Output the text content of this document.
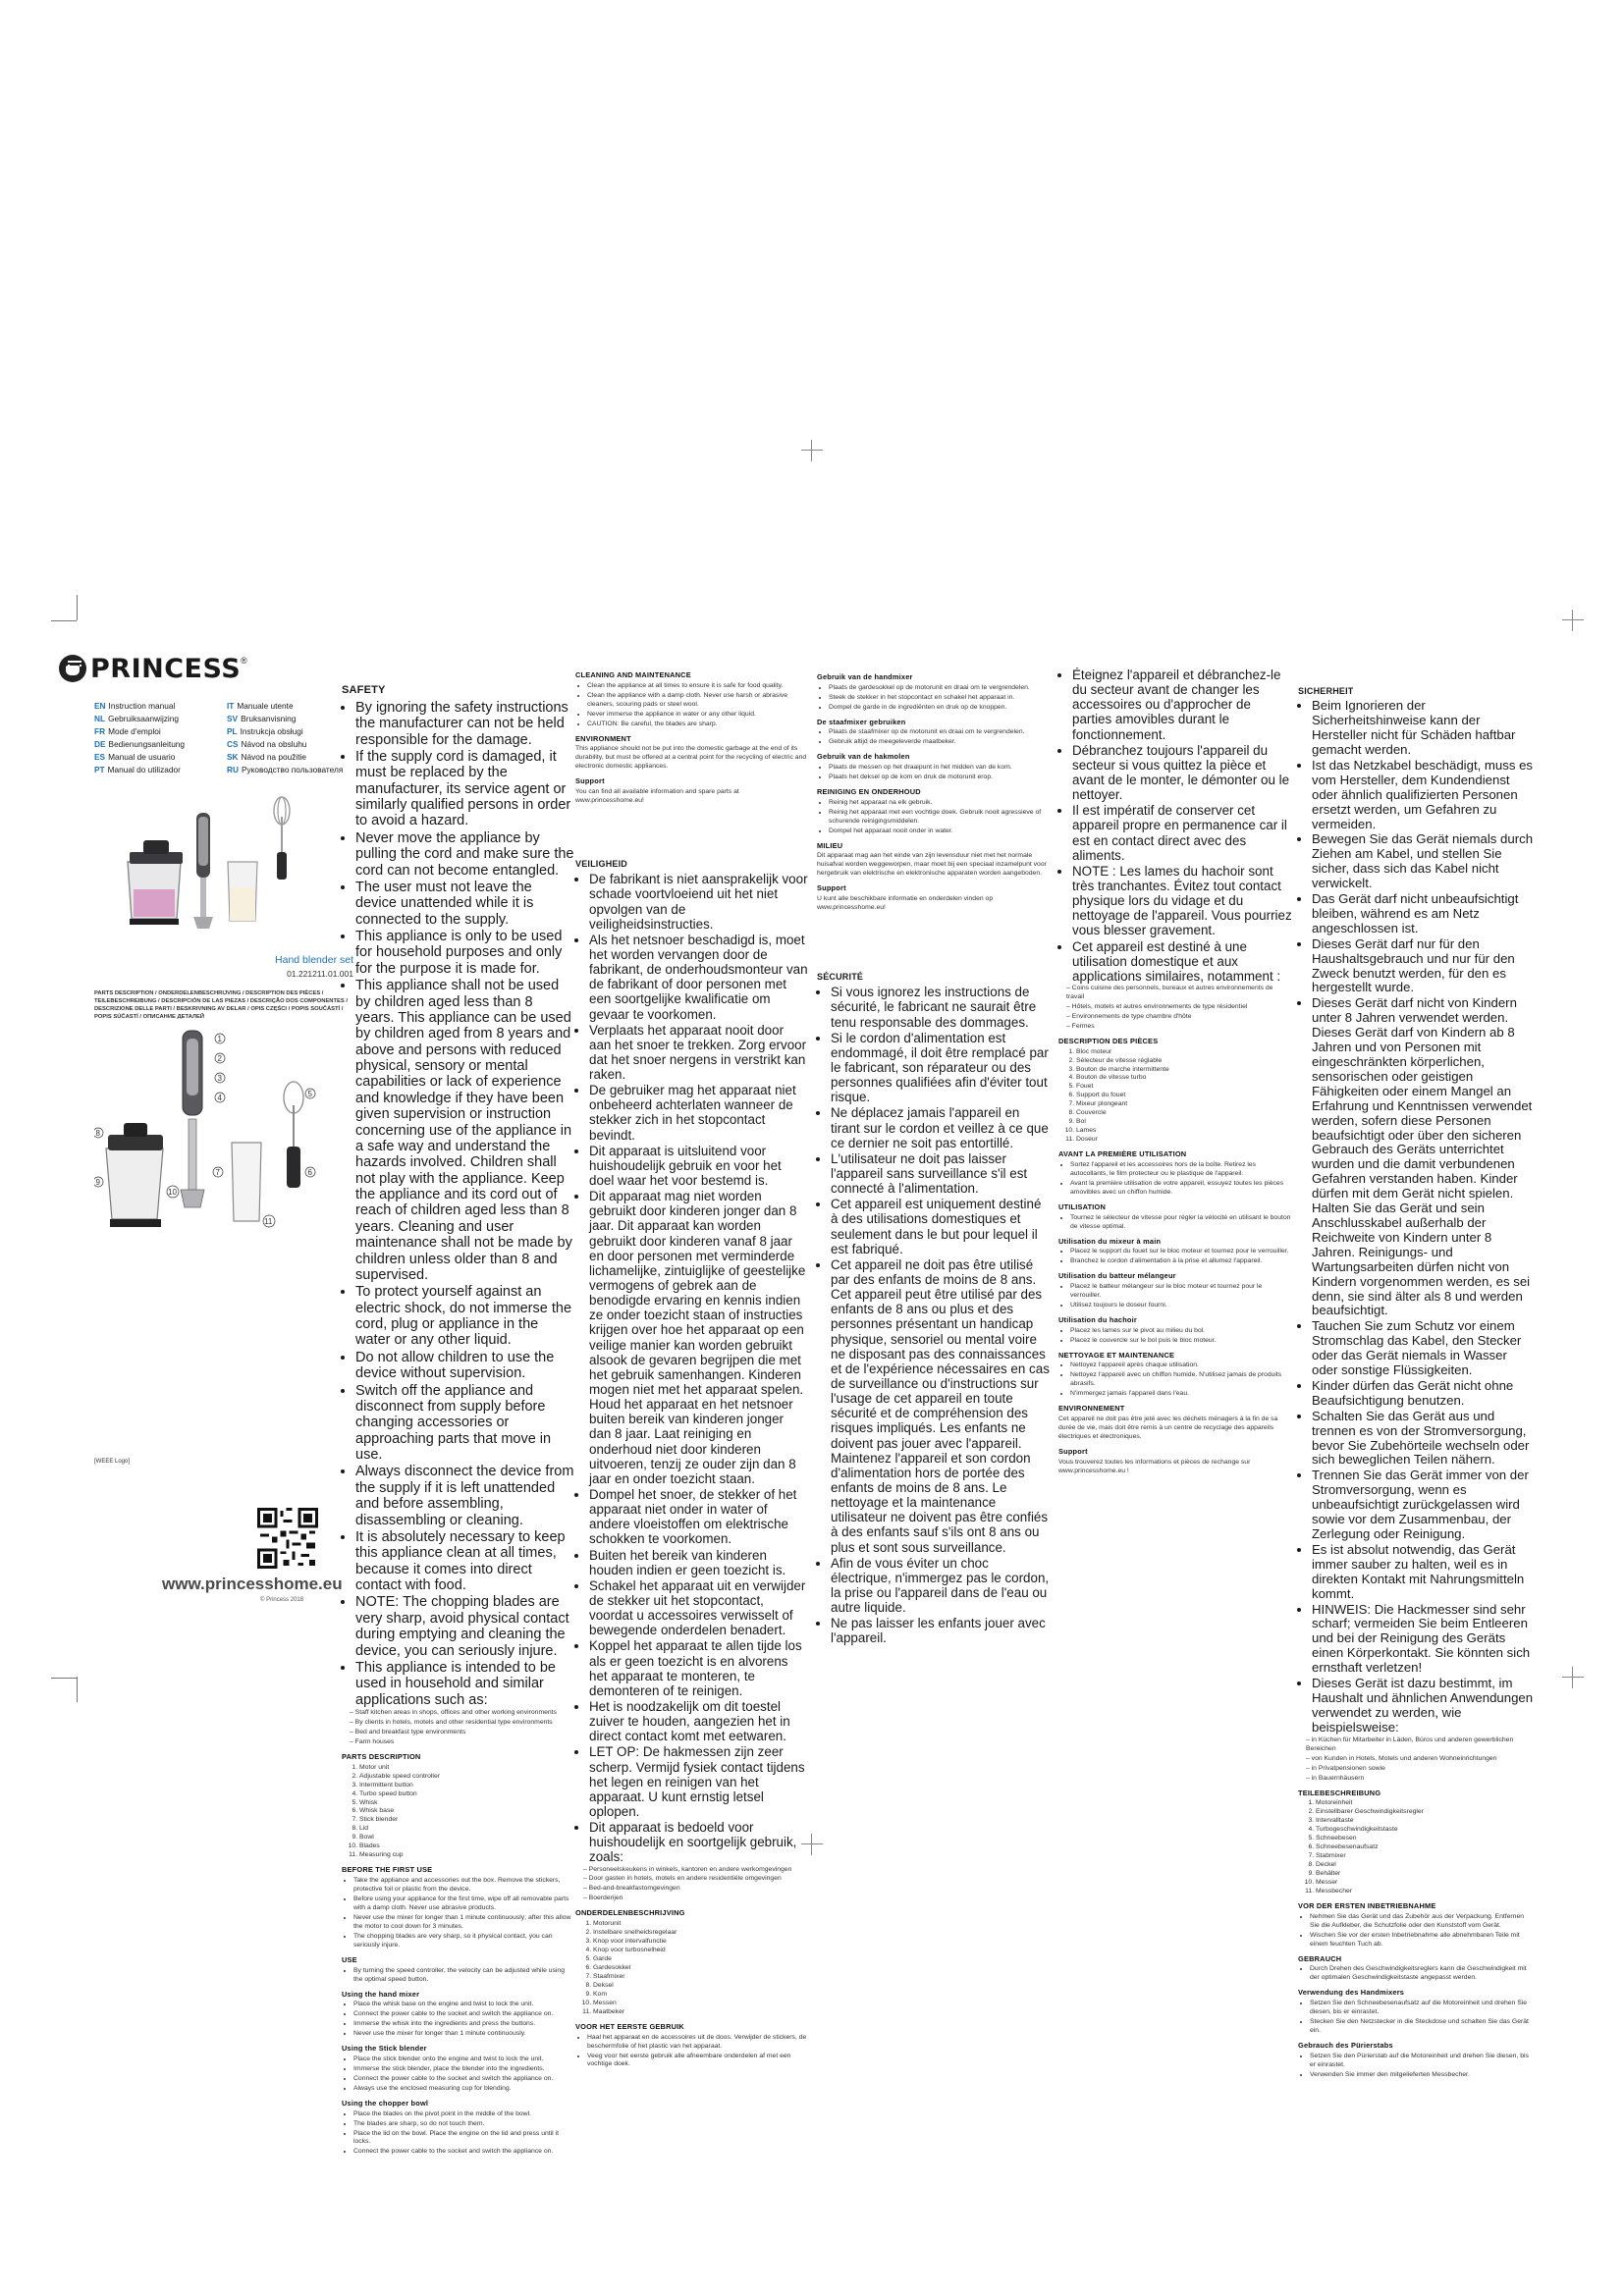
PRINCESS ®
EN Instruction manual	IT Manuale utente
NL Gebruiksaanwijzing	SV Bruksanvisning
FR Mode d'emploi	PL Instrukcja obsługi
DE Bedienungsanleitung	CS Návod na obsluhu
ES Manual de usuario	SK Návod na použitie
PT Manual do utilizador	RU Руководство пользователя
Hand blender set
01.221211.01.001
PARTS DESCRIPTION / ONDERDELENBESCHRIJVING / DESCRIPTION DES PIÈCES / TEILEBESCHREIBUNG / DESCRIPCIÓN DE LAS PIEZAS / DESCRIÇÃO DOS COMPONENTES / DESCRIZIONE DELLE PARTI / BESKRIVNING AV DELAR / OPIS CZĘŚCI / POPIS SOUČÁSTÍ / POPIS SÚČASTÍ / ОПИСАНИЕ ДЕТАЛЕЙ
1
2
3
4	5
6
7
8
9
10
11
[WEEE Logo]
www.princesshome.eu
© Princess 2018
SAFETY
• By ignoring the safety instructions the manufacturer can not be held responsible for the damage.
• If the supply cord is damaged, it must be replaced by the manufacturer, its service agent or similarly qualified persons in order to avoid a hazard.
• Never move the appliance by pulling the cord and make sure the cord can not become entangled.
• The user must not leave the device unattended while it is connected to the supply.
• This appliance is only to be used for household purposes and only for the purpose it is made for.
• This appliance shall not be used by children aged less than 8 years. This appliance can be used by children aged from 8 years and above and persons with reduced physical, sensory or mental capabilities or lack of experience and knowledge if they have been given supervision or instruction concerning use of the appliance in a safe way and understand the hazards involved. Children shall not play with the appliance. Keep the appliance and its cord out of reach of children aged less than 8 years. Cleaning and user maintenance shall not be made by children unless older than 8 and supervised.
• To protect yourself against an electric shock, do not immerse the cord, plug or appliance in the water or any other liquid.
• Do not allow children to use the device without supervision.
• Switch off the appliance and disconnect from supply before changing accessories or approaching parts that move in use.
• Always disconnect the device from the supply if it is left unattended and before assembling, disassembling or cleaning.
• It is absolutely necessary to keep this appliance clean at all times, because it comes into direct contact with food.
• NOTE: The chopping blades are very sharp, avoid physical contact during emptying and cleaning the device, you can seriously injure.
• This appliance is intended to be used in household and similar applications such as:
– Staff kitchen areas in shops, offices and other working environments
– By clients in hotels, motels and other residential type environments
– Bed and breakfast type environments
– Farm houses
PARTS DESCRIPTION
1. Motor unit
2. Adjustable speed controller
3. Intermittent button
4. Turbo speed button
5. Whisk
6. Whisk base
7. Stick blender
8. Lid
9. Bowl
10. Blades
11. Measuring cup
BEFORE THE FIRST USE
• Take the appliance and accessories out the box. Remove the stickers, protective foil or plastic from the device.
• Before using your appliance for the first time, wipe off all removable parts with a damp cloth. Never use abrasive products.
• Never use the mixer for longer than 1 minute continuously; after this allow the motor to cool down for 3 minutes.
• The chopping blades are very sharp, so it physical contact, you can seriously injure.
USE
• By turning the speed controller, the velocity can be adjusted while using the optimal speed button.
Using the hand mixer
• Place the whisk base on the engine and twist to lock the unit.
• Connect the power cable to the socket and switch the appliance on.
• Immerse the whisk into the ingredients and press the buttons.
• Never use the mixer for longer than 1 minute continuously.
Using the Stick blender
• Place the stick blender onto the engine and twist to lock the unit.
• Immerse the stick blender, place the blender into the ingredients.
• Connect the power cable to the socket and switch the appliance on.
• Always use the enclosed measuring cup for blending.
Using the chopper bowl
• Place the blades on the pivot point in the middle of the bowl.
• The blades are sharp, so do not touch them.
• Place the lid on the bowl. Place the engine on the lid and press until it locks.
• Connect the power cable to the socket and switch the appliance on.
CLEANING AND MAINTENANCE
• Clean the appliance at all times to ensure it is safe for food quality.
• Clean the appliance with a damp cloth. Never use harsh or abrasive cleaners, scouring pads or steel wool.
• Never immerse the appliance in water or any other liquid.
• CAUTION: Be careful, the blades are sharp.
ENVIRONMENT

This appliance should not be put into the domestic garbage at the end of its durability, but must be offered at a central point for the recycling of electric and electronic domestic appliances.

Support

You can find all available information and spare parts at www.princesshome.eu!

VEILIGHEID
• De fabrikant is niet aansprakelijk voor schade voortvloeiend uit het niet opvolgen van de veiligheidsinstructies.
• Als het netsnoer beschadigd is, moet het worden vervangen door de fabrikant, de onderhoudsmonteur van de fabrikant of door personen met een soortgelijke kwalificatie om gevaar te voorkomen.
• Verplaats het apparaat nooit door aan het snoer te trekken. Zorg ervoor dat het snoer nergens in verstrikt kan raken.
• De gebruiker mag het apparaat niet onbeheerd achterlaten wanneer de stekker zich in het stopcontact bevindt.
• Dit apparaat is uitsluitend voor huishoudelijk gebruik en voor het doel waar het voor bestemd is.
• Dit apparaat mag niet worden gebruikt door kinderen jonger dan 8 jaar. Dit apparaat kan worden gebruikt door kinderen vanaf 8 jaar en door personen met verminderde lichamelijke, zintuiglijke of geestelijke vermogens of gebrek aan de benodigde ervaring en kennis indien ze onder toezicht staan of instructies krijgen over hoe het apparaat op een veilige manier kan worden gebruikt alsook de gevaren begrijpen die met het gebruik samenhangen. Kinderen mogen niet met het apparaat spelen. Houd het apparaat en het netsnoer buiten bereik van kinderen jonger dan 8 jaar. Laat reiniging en onderhoud niet door kinderen uitvoeren, tenzij ze ouder zijn dan 8 jaar en onder toezicht staan.
• Dompel het snoer, de stekker of het apparaat niet onder in water of andere vloeistoffen om elektrische schokken te voorkomen.
• Buiten het bereik van kinderen houden indien er geen toezicht is.
• Schakel het apparaat uit en verwijder de stekker uit het stopcontact, voordat u accessoires verwisselt of bewegende onderdelen benadert.
• Koppel het apparaat te allen tijde los als er geen toezicht is en alvorens het apparaat te monteren, te demonteren of te reinigen.
• Het is noodzakelijk om dit toestel zuiver te houden, aangezien het in direct contact komt met eetwaren.
• LET OP: De hakmessen zijn zeer scherp. Vermijd fysiek contact tijdens het legen en reinigen van het apparaat. U kunt ernstig letsel oplopen.
• Dit apparaat is bedoeld voor huishoudelijk en soortgelijk gebruik, zoals:
– Personeelskeukens in winkels, kantoren en andere werkomgevingen
– Door gasten in hotels, motels en andere residentiële omgevingen
– Bed-and-breakfastomgevingen
– Boerderijen
ONDERDELENBESCHRIJVING
1. Motorunit
2. Instelbare snelheidsregelaar
3. Knop voor intervalfunctie
4. Knop voor turbosnelheid
5. Garde
6. Gardesokkel
7. Staafmixer
8. Deksel
9. Kom
10. Messen
11. Maatbeker
VOOR HET EERSTE GEBRUIK
• Haal het apparaat en de accessoires uit de doos. Verwijder de stickers, de beschermfolie of het plastic van het apparaat.
• Veeg voor het eerste gebruik alle afneembare onderdelen af met een vochtige doek.
Gebruik van de handmixer
• Plaats de gardesokkel op de motorunit en draai om te vergrendelen.
• Steek de stekker in het stopcontact en schakel het apparaat in.
• Dompel de garde in de ingrediënten en druk op de knoppen.
De staafmixer gebruiken
• Plaats de staafmixer op de motorunit en draai om te vergrendelen.
• Gebruik altijd de meegeleverde maatbeker.
Gebruik van de hakmolen
• Plaats de messen op het draaipunt in het midden van de kom.
• Plaats het deksel op de kom en druk de motorunit erop.
REINIGING EN ONDERHOUD
• Reinig het apparaat na elk gebruik.
• Reinig het apparaat met een vochtige doek. Gebruik nooit agressieve of schurende reinigingsmiddelen.
• Dompel het apparaat nooit onder in water.
MILIEU

Dit apparaat mag aan het einde van zijn levensduur niet met het normale huisafval worden weggeworpen, maar moet bij een speciaal inzamelpunt voor hergebruik van elektrische en elektronische apparaten worden aangeboden.

Support

U kunt alle beschikbare informatie en onderdelen vinden op www.princesshome.eu!

SÉCURITÉ
• Si vous ignorez les instructions de sécurité, le fabricant ne saurait être tenu responsable des dommages.
• Si le cordon d'alimentation est endommagé, il doit être remplacé par le fabricant, son réparateur ou des personnes qualifiées afin d'éviter tout risque.
• Ne déplacez jamais l'appareil en tirant sur le cordon et veillez à ce que ce dernier ne soit pas entortillé.
• L'utilisateur ne doit pas laisser l'appareil sans surveillance s'il est connecté à l'alimentation.
• Cet appareil est uniquement destiné à des utilisations domestiques et seulement dans le but pour lequel il est fabriqué.
• Cet appareil ne doit pas être utilisé par des enfants de moins de 8 ans. Cet appareil peut être utilisé par des enfants de 8 ans ou plus et des personnes présentant un handicap physique, sensoriel ou mental voire ne disposant pas des connaissances et de l'expérience nécessaires en cas de surveillance ou d'instructions sur l'usage de cet appareil en toute sécurité et de compréhension des risques impliqués. Les enfants ne doivent pas jouer avec l'appareil. Maintenez l'appareil et son cordon d'alimentation hors de portée des enfants de moins de 8 ans. Le nettoyage et la maintenance utilisateur ne doivent pas être confiés à des enfants sauf s'ils ont 8 ans ou plus et sont sous surveillance.
• Afin de vous éviter un choc électrique, n'immergez pas le cordon, la prise ou l'appareil dans de l'eau ou autre liquide.
• Ne pas laisser les enfants jouer avec l'appareil.
• Éteignez l'appareil et débranchez-le du secteur avant de changer les accessoires ou d'approcher de parties amovibles durant le fonctionnement.
• Débranchez toujours l'appareil du secteur si vous quittez la pièce et avant de le monter, le démonter ou le nettoyer.
• Il est impératif de conserver cet appareil propre en permanence car il est en contact direct avec des aliments.
• NOTE : Les lames du hachoir sont très tranchantes. Évitez tout contact physique lors du vidage et du nettoyage de l'appareil. Vous pourriez vous blesser gravement.
• Cet appareil est destiné à une utilisation domestique et aux applications similaires, notamment :
– Coins cuisine des personnels, bureaux et autres environnements de travail
– Hôtels, motels et autres environnements de type résidentiel
– Environnements de type chambre d'hôte
– Fermes
DESCRIPTION DES PIÈCES
1. Bloc moteur
2. Sélecteur de vitesse réglable
3. Bouton de marche intermittente
4. Bouton de vitesse turbo
5. Fouet
6. Support du fouet
7. Mixeur plongeant
8. Couvercle
9. Bol
10. Lames
11. Doseur
AVANT LA PREMIÈRE UTILISATION
• Sortez l'appareil et les accessoires hors de la boîte. Retirez les autocollants, le film protecteur ou le plastique de l'appareil.
• Avant la première utilisation de votre appareil, essuyez toutes les pièces amovibles avec un chiffon humide.
UTILISATION
• Tournez le sélecteur de vitesse pour régler la vélocité en utilisant le bouton de vitesse optimal.
Utilisation du mixeur à main
• Placez le support du fouet sur le bloc moteur et tournez pour le verrouiller.
• Branchez le cordon d'alimentation à la prise et allumez l'appareil.
Utilisation du batteur mélangeur
• Placez le batteur mélangeur sur le bloc moteur et tournez pour le verrouiller.
• Utilisez toujours le doseur fourni.
Utilisation du hachoir
• Placez les lames sur le pivot au milieu du bol.
• Placez le couvercle sur le bol puis le bloc moteur.
NETTOYAGE ET MAINTENANCE
• Nettoyez l'appareil après chaque utilisation.
• Nettoyez l'appareil avec un chiffon humide. N'utilisez jamais de produits abrasifs.
• N'immergez jamais l'appareil dans l'eau.
ENVIRONNEMENT

Cet appareil ne doit pas être jeté avec les déchets ménagers à la fin de sa durée de vie, mais doit être remis à un centre de recyclage des appareils électriques et électroniques.

Support

Vous trouverez toutes les informations et pièces de rechange sur www.princesshome.eu !

SICHERHEIT
• Beim Ignorieren der Sicherheitshinweise kann der Hersteller nicht für Schäden haftbar gemacht werden.
• Ist das Netzkabel beschädigt, muss es vom Hersteller, dem Kundendienst oder ähnlich qualifizierten Personen ersetzt werden, um Gefahren zu vermeiden.
• Bewegen Sie das Gerät niemals durch Ziehen am Kabel, und stellen Sie sicher, dass sich das Kabel nicht verwickelt.
• Das Gerät darf nicht unbeaufsichtigt bleiben, während es am Netz angeschlossen ist.
• Dieses Gerät darf nur für den Haushaltsgebrauch und nur für den Zweck benutzt werden, für den es hergestellt wurde.
• Dieses Gerät darf nicht von Kindern unter 8 Jahren verwendet werden. Dieses Gerät darf von Kindern ab 8 Jahren und von Personen mit eingeschränkten körperlichen, sensorischen oder geistigen Fähigkeiten oder einem Mangel an Erfahrung und Kenntnissen verwendet werden, sofern diese Personen beaufsichtigt oder über den sicheren Gebrauch des Geräts unterrichtet wurden und die damit verbundenen Gefahren verstanden haben. Kinder dürfen mit dem Gerät nicht spielen. Halten Sie das Gerät und sein Anschlusskabel außerhalb der Reichweite von Kindern unter 8 Jahren. Reinigungs- und Wartungsarbeiten dürfen nicht von Kindern vorgenommen werden, es sei denn, sie sind älter als 8 und werden beaufsichtigt.
• Tauchen Sie zum Schutz vor einem Stromschlag das Kabel, den Stecker oder das Gerät niemals in Wasser oder sonstige Flüssigkeiten.
• Kinder dürfen das Gerät nicht ohne Beaufsichtigung benutzen.
• Schalten Sie das Gerät aus und trennen es von der Stromversorgung, bevor Sie Zubehörteile wechseln oder sich beweglichen Teilen nähern.
• Trennen Sie das Gerät immer von der Stromversorgung, wenn es unbeaufsichtigt zurückgelassen wird sowie vor dem Zusammenbau, der Zerlegung oder Reinigung.
• Es ist absolut notwendig, das Gerät immer sauber zu halten, weil es in direkten Kontakt mit Nahrungsmitteln kommt.
• HINWEIS: Die Hackmesser sind sehr scharf; vermeiden Sie beim Entleeren und bei der Reinigung des Geräts einen Körperkontakt. Sie könnten sich ernsthaft verletzen!
• Dieses Gerät ist dazu bestimmt, im Haushalt und ähnlichen Anwendungen verwendet zu werden, wie beispielsweise:
– in Küchen für Mitarbeiter in Läden, Büros und anderen gewerblichen Bereichen
– von Kunden in Hotels, Motels und anderen Wohneinrichtungen
– in Privatpensionen sowie
– in Bauernhäusern
TEILEBESCHREIBUNG
1. Motoreinheit
2. Einstellbarer Geschwindigkeitsregler
3. Intervalltaste
4. Turbogeschwindigkeitstaste
5. Schneebesen
6. Schneebesenaufsatz
7. Stabmixer
8. Deckel
9. Behälter
10. Messer
11. Messbecher
VOR DER ERSTEN INBETRIEBNAHME
• Nehmen Sie das Gerät und das Zubehör aus der Verpackung. Entfernen Sie die Aufkleber, die Schutzfolie oder den Kunststoff vom Gerät.
• Wischen Sie vor der ersten Inbetriebnahme alle abnehmbaren Teile mit einem feuchten Tuch ab.
GEBRAUCH
• Durch Drehen des Geschwindigkeitsreglers kann die Geschwindigkeit mit der optimalen Geschwindigkeitstaste angepasst werden.
Verwendung des Handmixers
• Setzen Sie den Schneebesenaufsatz auf die Motoreinheit und drehen Sie diesen, bis er einrastet.
• Stecken Sie den Netzstecker in die Steckdose und schalten Sie das Gerät ein.
Gebrauch des Pürierstabs
• Setzen Sie den Pürierstab auf die Motoreinheit und drehen Sie diesen, bis er einrastet.
• Verwenden Sie immer den mitgelieferten Messbecher.
